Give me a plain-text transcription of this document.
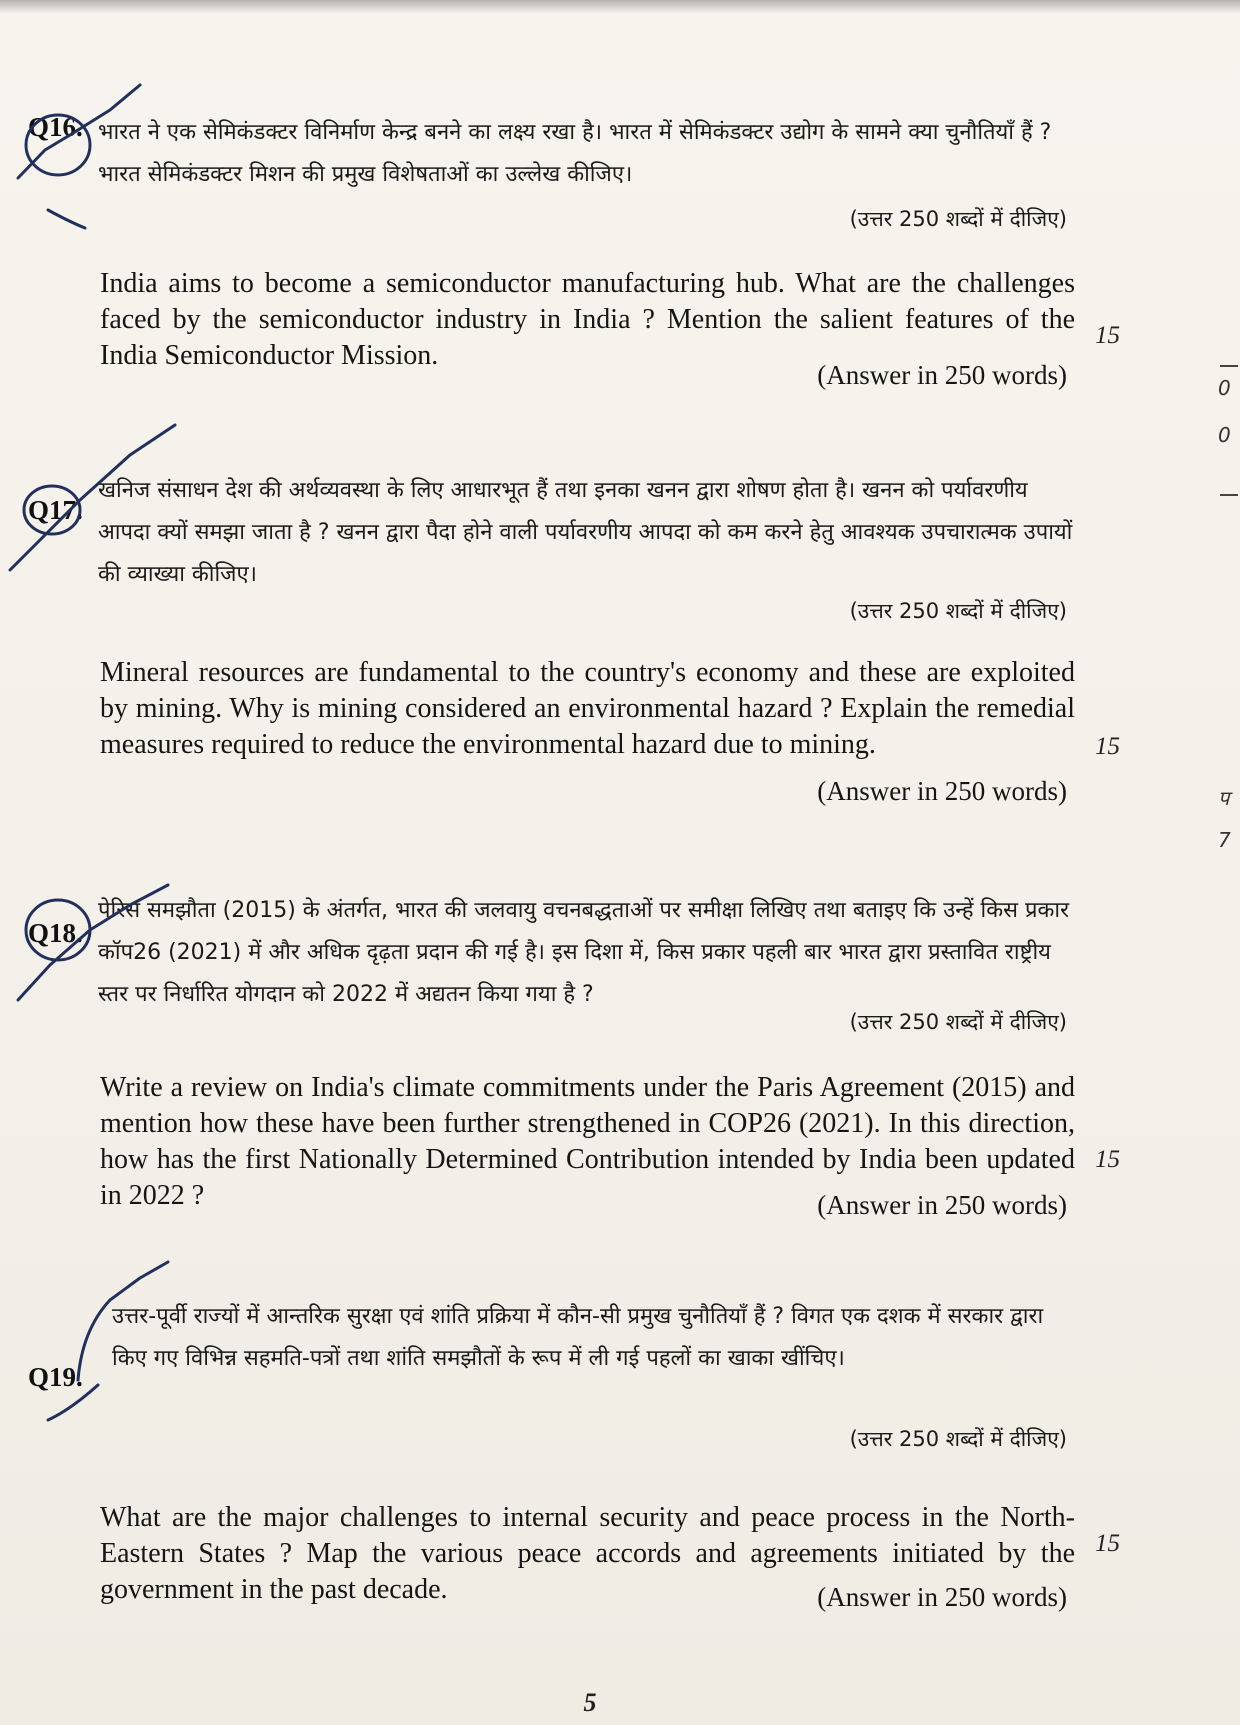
Q16. भारत ने एक सेमिकंडक्टर विनिर्माण केन्द्र बनने का लक्ष्य रखा है। भारत में सेमिकंडक्टर उद्योग के सामने क्या चुनौतियाँ हैं ? भारत सेमिकंडक्टर मिशन की प्रमुख विशेषताओं का उल्लेख कीजिए।
(उत्तर 250 शब्दों में दीजिए)
India aims to become a semiconductor manufacturing hub. What are the challenges faced by the semiconductor industry in India ? Mention the salient features of the India Semiconductor Mission.
(Answer in 250 words)
15
Q17.
खनिज संसाधन देश की अर्थव्यवस्था के लिए आधारभूत हैं तथा इनका खनन द्वारा शोषण होता है। खनन को पर्यावरणीय आपदा क्यों समझा जाता है ? खनन द्वारा पैदा होने वाली पर्यावरणीय आपदा को कम करने हेतु आवश्यक उपचारात्मक उपायों की व्याख्या कीजिए।
(उत्तर 250 शब्दों में दीजिए)
Mineral resources are fundamental to the country's economy and these are exploited by mining. Why is mining considered an environmental hazard ? Explain the remedial measures required to reduce the environmental hazard due to mining.
(Answer in 250 words)
15
Q18.
पेरिस समझौता (2015) के अंतर्गत, भारत की जलवायु वचनबद्धताओं पर समीक्षा लिखिए तथा बताइए कि उन्हें किस प्रकार कॉप26 (2021) में और अधिक दृढ़ता प्रदान की गई है। इस दिशा में, किस प्रकार पहली बार भारत द्वारा प्रस्तावित राष्ट्रीय स्तर पर निर्धारित योगदान को 2022 में अद्यतन किया गया है ?
(उत्तर 250 शब्दों में दीजिए)
Write a review on India's climate commitments under the Paris Agreement (2015) and mention how these have been further strengthened in COP26 (2021). In this direction, how has the first Nationally Determined Contribution intended by India been updated in 2022 ?	(Answer in 250 words)
15
Q19.
उत्तर-पूर्वी राज्यों में आन्तरिक सुरक्षा एवं शांति प्रक्रिया में कौन-सी प्रमुख चुनौतियाँ हैं ? विगत एक दशक में सरकार द्वारा किए गए विभिन्न सहमति-पत्रों तथा शांति समझौतों के रूप में ली गई पहलों का खाका खींचिए।
(उत्तर 250 शब्दों में दीजिए)
What are the major challenges to internal security and peace process in the North-Eastern States ? Map the various peace accords and agreements initiated by the government in the past decade.	(Answer in 250 words)
15
5
0
0
प
7
